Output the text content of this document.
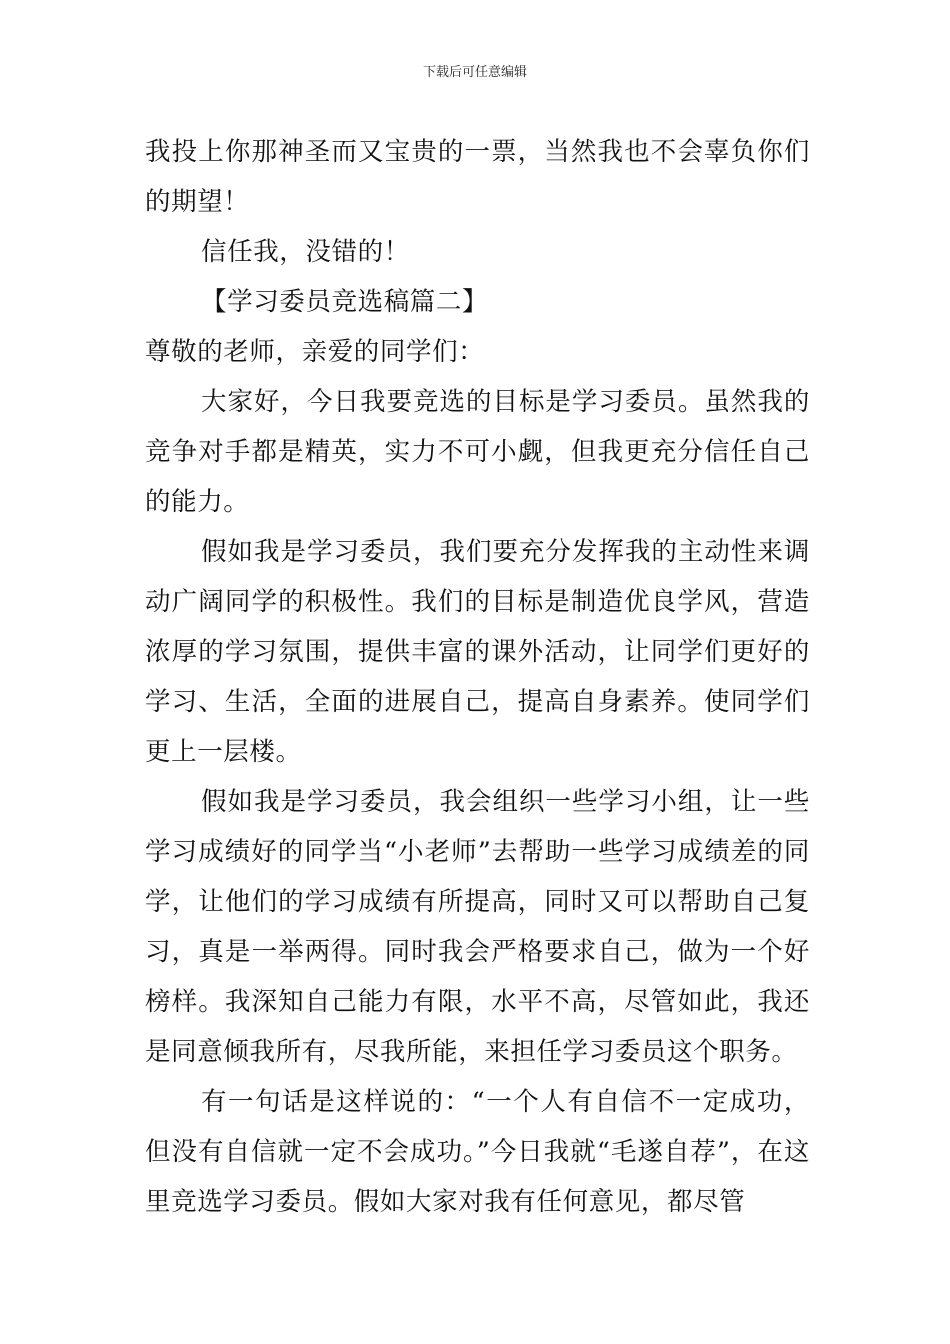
下载后可任意编辑

我投上你那神圣而又宝贵的一票，当然我也不会辜负你们的期望！

信任我，没错的！

【学习委员竞选稿篇二】

尊敬的老师，亲爱的同学们：

大家好，今日我要竞选的目标是学习委员。虽然我的竞争对手都是精英，实力不可小觑，但我更充分信任自己的能力。

假如我是学习委员，我们要充分发挥我的主动性来调动广阔同学的积极性。我们的目标是制造优良学风，营造浓厚的学习氛围，提供丰富的课外活动，让同学们更好的学习、生活，全面的进展自己，提高自身素养。使同学们更上一层楼。

假如我是学习委员，我会组织一些学习小组，让一些学习成绩好的同学当“小老师”去帮助一些学习成绩差的同学，让他们的学习成绩有所提高，同时又可以帮助自己复习，真是一举两得。同时我会严格要求自己，做为一个好榜样。我深知自己能力有限，水平不高，尽管如此，我还是同意倾我所有，尽我所能，来担任学习委员这个职务。

有一句话是这样说的：“一个人有自信不一定成功，但没有自信就一定不会成功。”今日我就“毛遂自荐”，在这里竞选学习委员。假如大家对我有任何意见，都尽管
